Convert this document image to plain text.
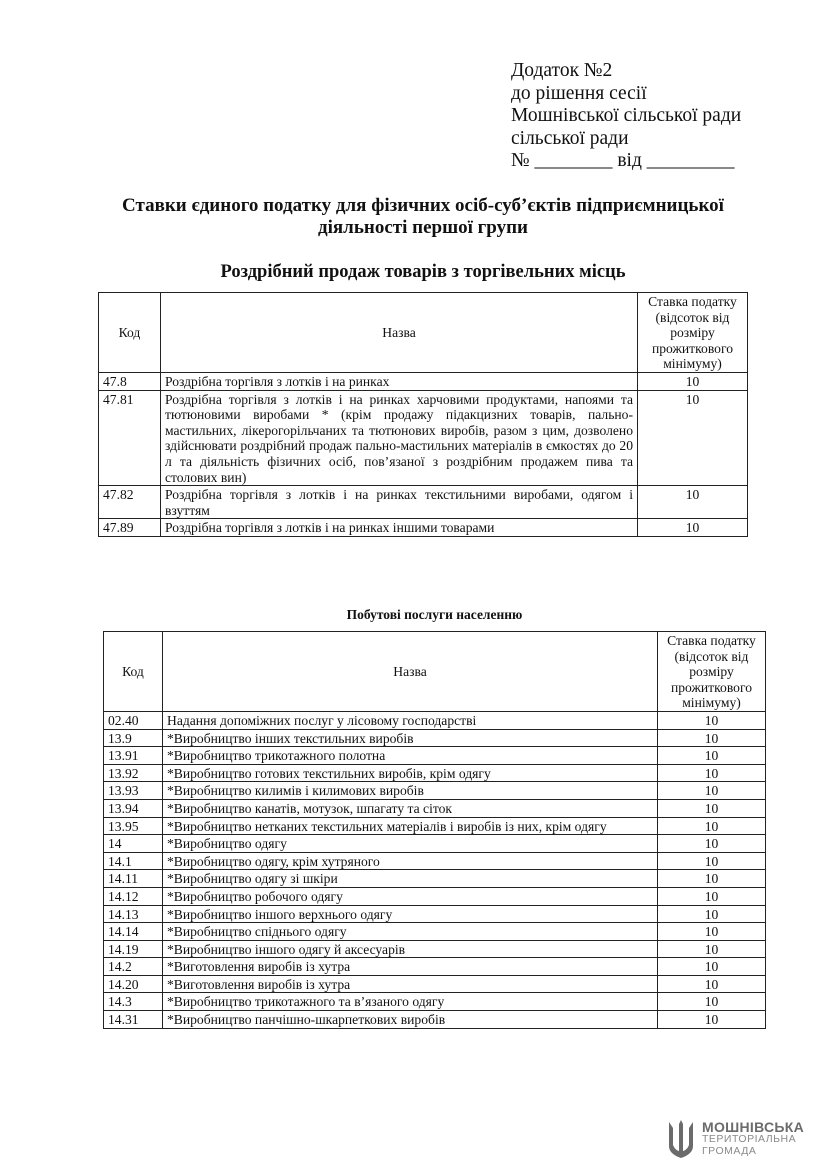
Додаток №2
до рішення сесії
Мошнівської сільської ради
сільської ради
№ ________ від _________
Ставки єдиного податку для фізичних осіб-суб’єктів підприємницької
діяльності першої групи
Роздрібний продаж товарів з торгівельних місць
Код	Назва	Ставка податку (відсоток від розміру прожиткового мінімуму)
47.8	Роздрібна торгівля з лотків і на ринках	10
47.81	Роздрібна торгівля з лотків і на ринках харчовими продуктами, напоями та тютюновими виробами * (крім продажу підакцизних товарів, пально-мастильних, лікерогорільчаних та тютюнових виробів, разом з цим, дозволено здійснювати роздрібний продаж пально-мастильних матеріалів в ємкостях до 20 л та діяльність фізичних осіб, пов’язаної з роздрібним продажем пива та столових вин)	10
47.82	Роздрібна торгівля з лотків і на ринках текстильними виробами, одягом і взуттям	10
47.89	Роздрібна торгівля з лотків і на ринках іншими товарами	10
Побутові послуги населенню
Код	Назва	Ставка податку (відсоток від розміру прожиткового мінімуму)
02.40	Надання допоміжних послуг у лісовому господарстві	10
13.9	*Виробництво інших текстильних виробів	10
13.91	*Виробництво трикотажного полотна	10
13.92	*Виробництво готових текстильних виробів, крім одягу	10
13.93	*Виробництво килимів і килимових виробів	10
13.94	*Виробництво канатів, мотузок, шпагату та сіток	10
13.95	*Виробництво нетканих текстильних матеріалів і виробів із них, крім одягу	10
14	*Виробництво одягу	10
14.1	*Виробництво одягу, крім хутряного	10
14.11	*Виробництво одягу зі шкіри	10
14.12	*Виробництво робочого одягу	10
14.13	*Виробництво іншого верхнього одягу	10
14.14	*Виробництво спіднього одягу	10
14.19	*Виробництво іншого одягу й аксесуарів	10
14.2	*Виготовлення виробів із хутра	10
14.20	*Виготовлення виробів із хутра	10
14.3	*Виробництво трикотажного та в’язаного одягу	10
14.31	*Виробництво панчішно-шкарпеткових виробів	10
МОШНІВСЬКА
ТЕРИТОРІАЛЬНА
ГРОМАДА
